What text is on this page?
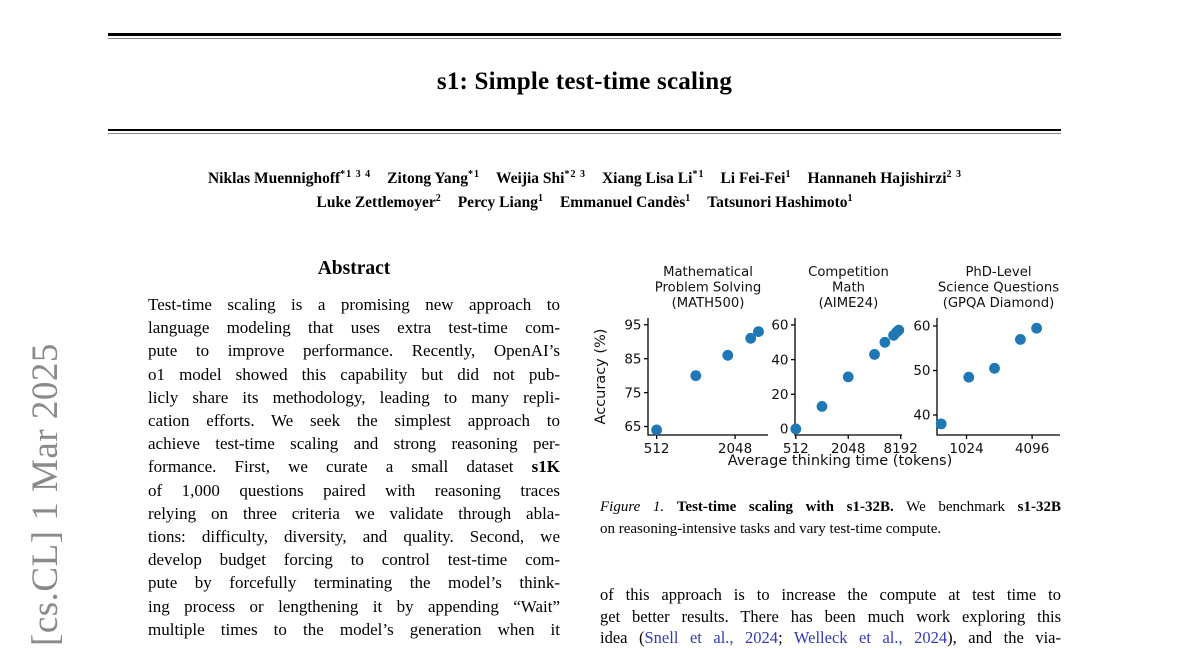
[cs.CL] 1 Mar 2025
s1: Simple test-time scaling
Niklas Muennighoff$^{*1 3 4}$ Zitong Yang$^{*1}$ Weijia Shi$^{*2 3}$ Xiang Lisa Li$^{*1}$ Li Fei-Fei$^1$ Hannaneh Hajishirzi$^{2 3}$
Luke Zettlemoyer$^2$ Percy Liang$^1$ Emmanuel Candès$^1$ Tatsunori Hashimoto$^1$
Abstract
Test-time scaling is a promising new approach to
language modeling that uses extra test-time com-
pute to improve performance. Recently, OpenAI’s
o1 model showed this capability but did not pub-
licly share its methodology, leading to many repli-
cation efforts. We seek the simplest approach to
achieve test-time scaling and strong reasoning per-
formance. First, we curate a small dataset s1K
of 1,000 questions paired with reasoning traces
relying on three criteria we validate through abla-
tions: difficulty, diversity, and quality. Second, we
develop budget forcing to control test-time com-
pute by forcefully terminating the model’s think-
ing process or lengthening it by appending “Wait”
multiple times to the model’s generation when it
Mathematical
Problem Solving
(MATH500)
65
75
85
95
512	2048
Accuracy (%)
Competition
Math
(AIME24)
0
20
40
60
512 2048 8192
PhD-Level
Science Questions
(GPQA Diamond)
40
50
60
1024 4096
Average thinking time (tokens)
Figure 1. Test-time scaling with s1-32B. We benchmark s1-32B
on reasoning-intensive tasks and vary test-time compute.
of this approach is to increase the compute at test time to
get better results. There has been much work exploring this
idea (Snell et al., 2024; Welleck et al., 2024), and the via-
